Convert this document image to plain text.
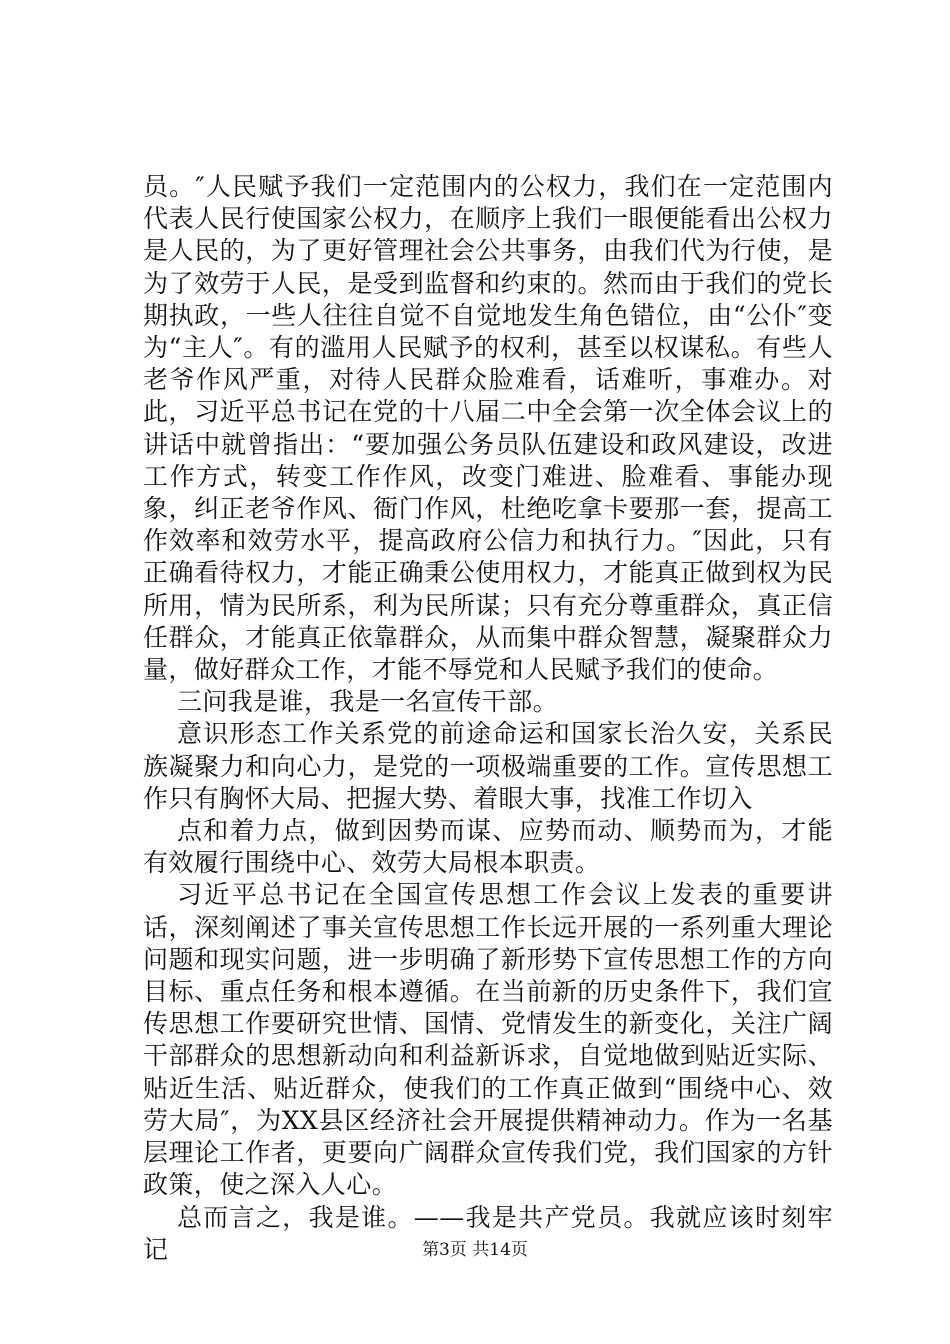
员。″人民赋予我们一定范围内的公权力，我们在一定范围内代表人民行使国家公权力，在顺序上我们一眼便能看出公权力是人民的，为了更好管理社会公共事务，由我们代为行使，是为了效劳于人民，是受到监督和约束的。然而由于我们的党长期执政，一些人往往自觉不自觉地发生角色错位，由“公仆″变为“主人″。有的滥用人民赋予的权利，甚至以权谋私。有些人老爷作风严重，对待人民群众脸难看，话难听，事难办。对此，习近平总书记在党的十八届二中全会第一次全体会议上的讲话中就曾指出：“要加强公务员队伍建设和政风建设，改进工作方式，转变工作作风，改变门难进、脸难看、事能办现象，纠正老爷作风、衙门作风，杜绝吃拿卡要那一套，提高工作效率和效劳水平，提高政府公信力和执行力。″因此，只有正确看待权力，才能正确秉公使用权力，才能真正做到权为民所用，情为民所系，利为民所谋；只有充分尊重群众，真正信任群众，才能真正依靠群众，从而集中群众智慧，凝聚群众力量，做好群众工作，才能不辱党和人民赋予我们的使命。

三问我是谁，我是一名宣传干部。

意识形态工作关系党的前途命运和国家长治久安，关系民族凝聚力和向心力，是党的一项极端重要的工作。宣传思想工作只有胸怀大局、把握大势、着眼大事，找准工作切入

点和着力点，做到因势而谋、应势而动、顺势而为，才能有效履行围绕中心、效劳大局根本职责。

习近平总书记在全国宣传思想工作会议上发表的重要讲话，深刻阐述了事关宣传思想工作长远开展的一系列重大理论问题和现实问题，进一步明确了新形势下宣传思想工作的方向目标、重点任务和根本遵循。在当前新的历史条件下，我们宣传思想工作要研究世情、国情、党情发生的新变化，关注广阔干部群众的思想新动向和利益新诉求，自觉地做到贴近实际、贴近生活、贴近群众，使我们的工作真正做到“围绕中心、效劳大局″，为XX县区经济社会开展提供精神动力。作为一名基层理论工作者，更要向广阔群众宣传我们党，我们国家的方针政策，使之深入人心。

总而言之，我是谁。——我是共产党员。我就应该时刻牢记	第3页 共14页
